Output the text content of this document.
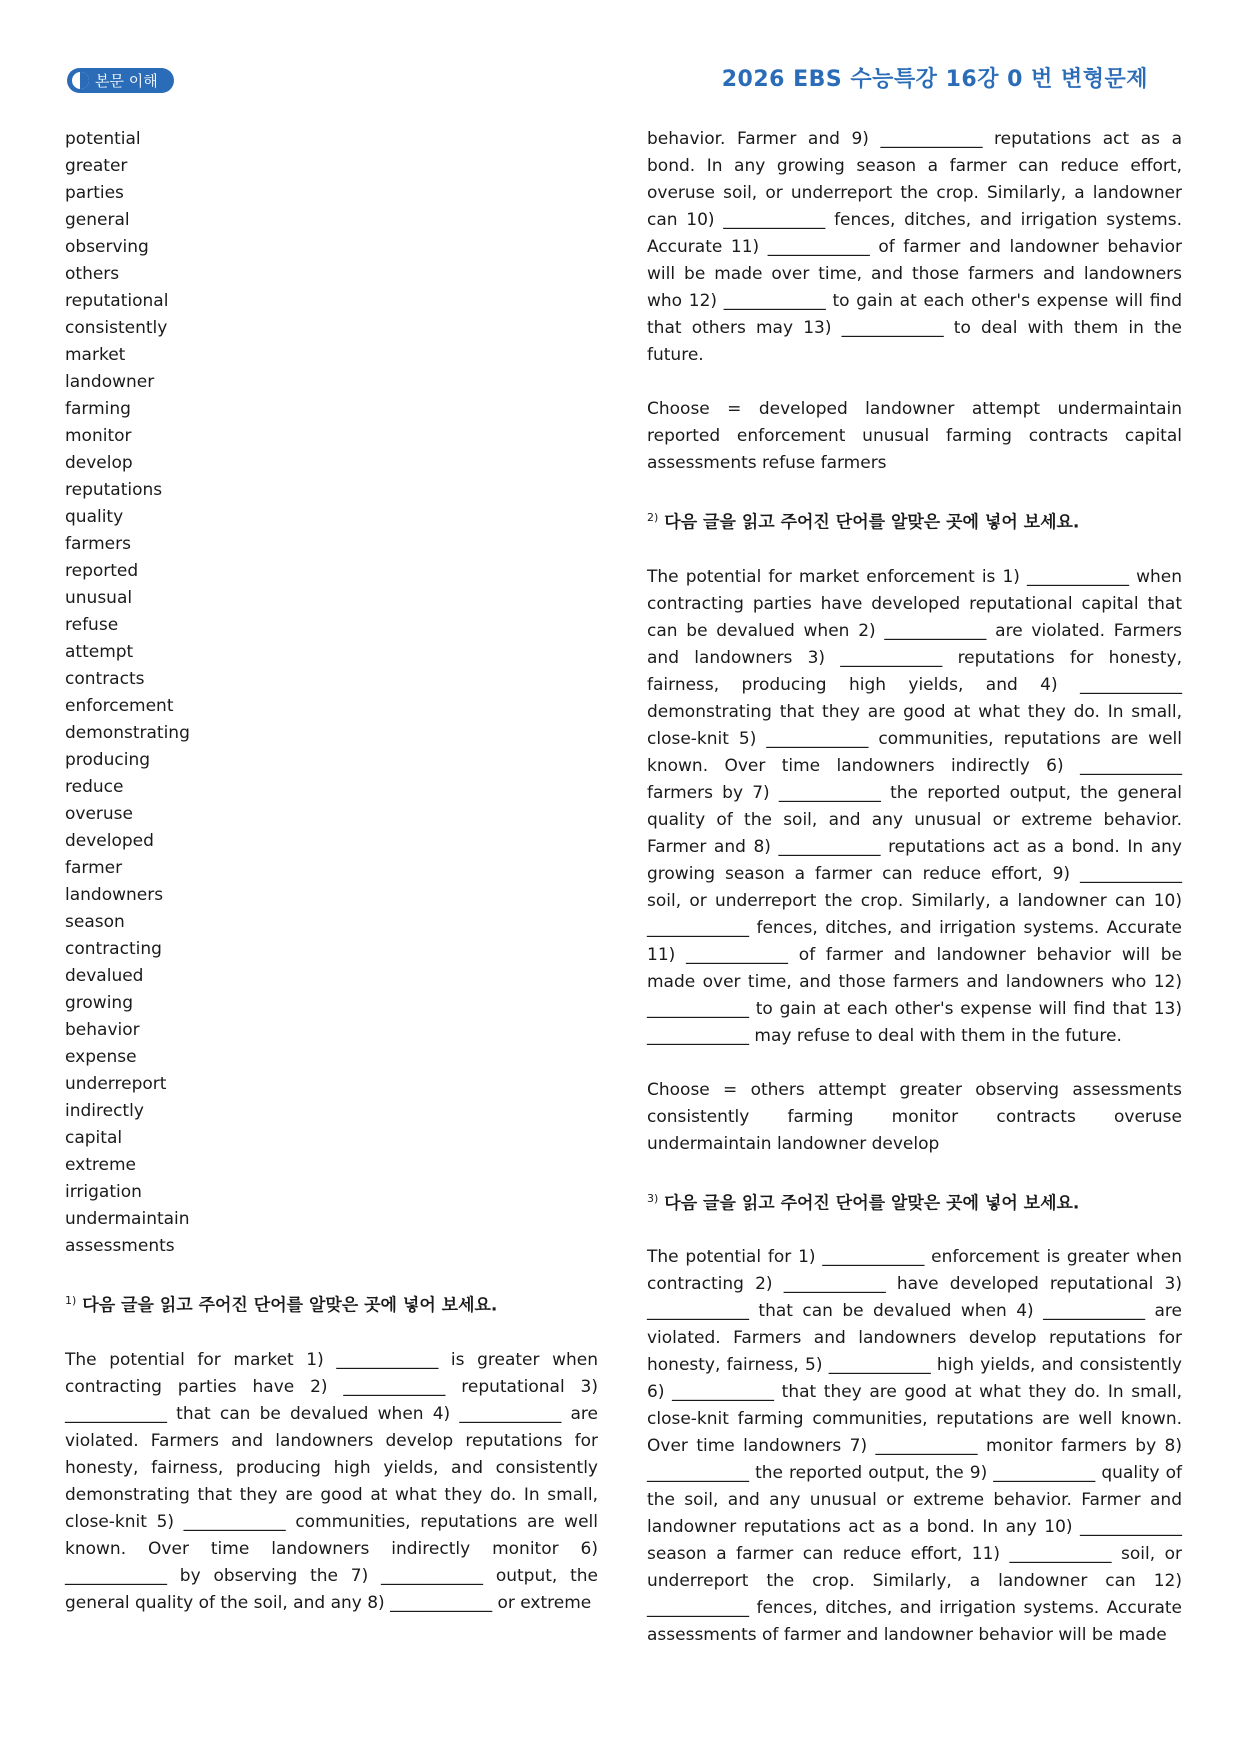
본문 이해	2026 EBS 수능특강 16강 0 번 변형문제
potential
greater
parties
general
observing
others
reputational
consistently
market
landowner
farming
monitor
develop
reputations
quality
farmers
reported
unusual
refuse
attempt
contracts
enforcement
demonstrating
producing
reduce
overuse
developed
farmer
landowners
season
contracting
devalued
growing
behavior
expense
underreport
indirectly
capital
extreme
irrigation
undermaintain
assessments

$^{1)}$ 다음 글을 읽고 주어진 단어를 알맞은 곳에 넣어 보세요.

The potential for market 1) ____________ is greater when contracting parties have 2) ____________ reputational 3) ____________ that can be devalued when 4) ____________ are violated. Farmers and landowners develop reputations for honesty, fairness, producing high yields, and consistently demonstrating that they are good at what they do. In small, close-knit 5) ____________ communities, reputations are well known. Over time landowners indirectly monitor 6) ____________ by observing the 7) ____________ output, the general quality of the soil, and any 8) ____________ or extreme

behavior. Farmer and 9) ____________ reputations act as a bond. In any growing season a farmer can reduce effort, overuse soil, or underreport the crop. Similarly, a landowner can 10) ____________ fences, ditches, and irrigation systems. Accurate 11) ____________ of farmer and landowner behavior will be made over time, and those farmers and landowners who 12) ____________ to gain at each other's expense will find that others may 13) ____________ to deal with them in the future.

Choose = developed landowner attempt undermaintain

reported enforcement unusual farming contracts capital

assessments refuse farmers

$^{2)}$ 다음 글을 읽고 주어진 단어를 알맞은 곳에 넣어 보세요.

The potential for market enforcement is 1) ____________ when contracting parties have developed reputational capital that can be devalued when 2) ____________ are violated. Farmers and landowners 3) ____________ reputations for honesty, fairness, producing high yields, and 4) ____________ demonstrating that they are good at what they do. In small, close-knit 5) ____________ communities, reputations are well known. Over time landowners indirectly 6) ____________ farmers by 7) ____________ the reported output, the general quality of the soil, and any unusual or extreme behavior. Farmer and 8) ____________ reputations act as a bond. In any growing season a farmer can reduce effort, 9) ____________ soil, or underreport the crop. Similarly, a landowner can 10) ____________ fences, ditches, and irrigation systems. Accurate 11) ____________ of farmer and landowner behavior will be made over time, and those farmers and landowners who 12) ____________ to gain at each other's expense will find that 13) ____________ may refuse to deal with them in the future.

Choose = others attempt greater observing assessments

consistently farming monitor contracts overuse

undermaintain landowner develop

$^{3)}$ 다음 글을 읽고 주어진 단어를 알맞은 곳에 넣어 보세요.

The potential for 1) ____________ enforcement is greater when contracting 2) ____________ have developed reputational 3) ____________ that can be devalued when 4) ____________ are violated. Farmers and landowners develop reputations for honesty, fairness, 5) ____________ high yields, and consistently 6) ____________ that they are good at what they do. In small, close-knit farming communities, reputations are well known. Over time landowners 7) ____________ monitor farmers by 8) ____________ the reported output, the 9) ____________ quality of the soil, and any unusual or extreme behavior. Farmer and landowner reputations act as a bond. In any 10) ____________ season a farmer can reduce effort, 11) ____________ soil, or underreport the crop. Similarly, a landowner can 12) ____________ fences, ditches, and irrigation systems. Accurate assessments of farmer and landowner behavior will be made
